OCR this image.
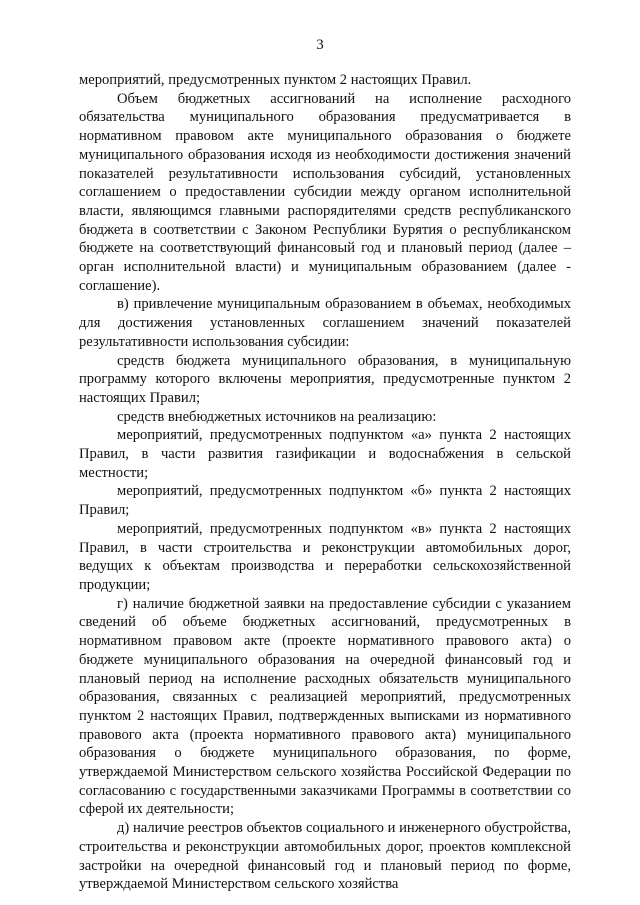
3

мероприятий, предусмотренных пунктом 2 настоящих Правил.

Объем бюджетных ассигнований на исполнение расходного обязательства муниципального образования предусматривается в нормативном правовом акте муниципального образования о бюджете муниципального образования исходя из необходимости достижения значений показателей результативности использования субсидий, установленных соглашением о предоставлении субсидии между органом исполнительной власти, являющимся главными распорядителями средств республиканского бюджета в соответствии с Законом Республики Бурятия о республиканском бюджете на соответствующий финансовый год и плановый период (далее – орган исполнительной власти) и муниципальным образованием (далее - соглашение).

в) привлечение муниципальным образованием в объемах, необходимых для достижения установленных соглашением значений показателей результативности использования субсидии:

средств бюджета муниципального образования, в муниципальную программу которого включены мероприятия, предусмотренные пунктом 2 настоящих Правил;

средств внебюджетных источников на реализацию:

мероприятий, предусмотренных подпунктом «а» пункта 2 настоящих Правил, в части развития газификации и водоснабжения в сельской местности;

мероприятий, предусмотренных подпунктом «б» пункта 2 настоящих Правил;

мероприятий, предусмотренных подпунктом «в» пункта 2 настоящих Правил, в части строительства и реконструкции автомобильных дорог, ведущих к объектам производства и переработки сельскохозяйственной продукции;

г) наличие бюджетной заявки на предоставление субсидии с указанием сведений об объеме бюджетных ассигнований, предусмотренных в нормативном правовом акте (проекте нормативного правового акта) о бюджете муниципального образования на очередной финансовый год и плановый период на исполнение расходных обязательств муниципального образования, связанных с реализацией мероприятий, предусмотренных пунктом 2 настоящих Правил, подтвержденных выписками из нормативного правового акта (проекта нормативного правового акта) муниципального образования о бюджете муниципального образования, по форме, утверждаемой Министерством сельского хозяйства Российской Федерации по согласованию с государственными заказчиками Программы в соответствии со сферой их деятельности;

д) наличие реестров объектов социального и инженерного обустройства, строительства и реконструкции автомобильных дорог, проектов комплексной застройки на очередной финансовый год и плановый период по форме, утверждаемой Министерством сельского хозяйства
